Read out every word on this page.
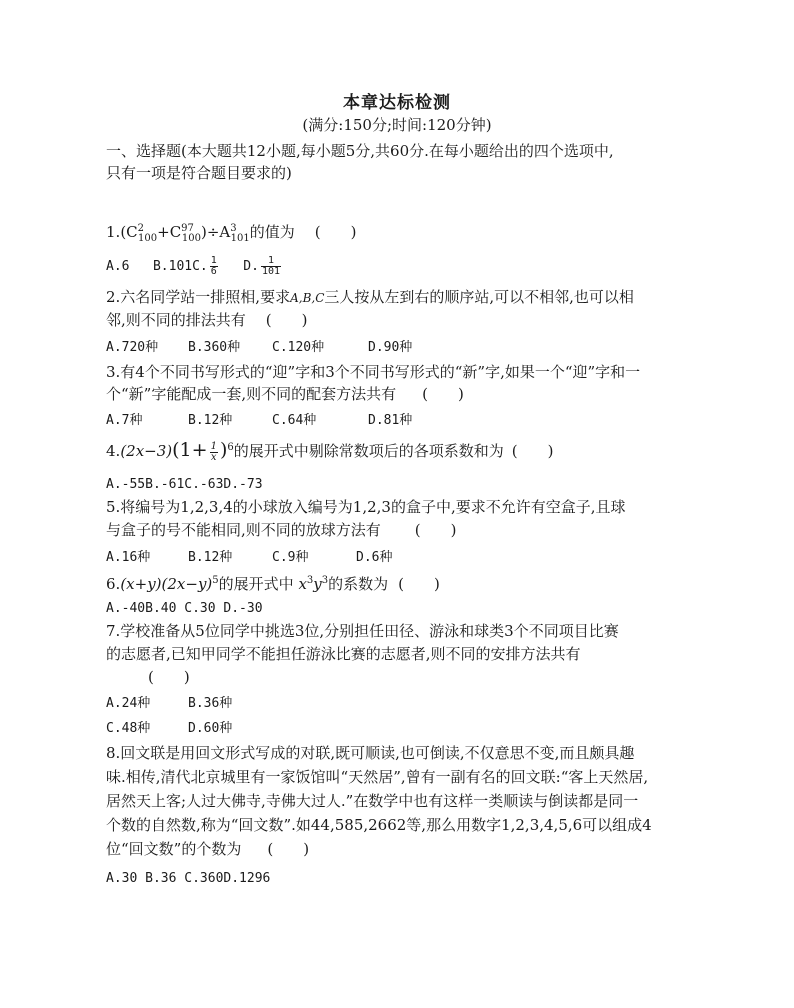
本章达标检测
(满分:150分;时间:120分钟)
一、选择题(本大题共12小题,每小题5分,共60分.在每小题给出的四个选项中,
只有一项是符合题目要求的)
$1.(C^2_{100}+C^{97}_{100})\div A^3_{101}$的值为 (　　)
A.6 B.101C. $\frac{1}{6} D$. $\frac{1}{101}$
2.六名同学站一排照相,要求A,B,C三人按从左到右的顺序站,可以不相邻,也可以相
邻,则不同的排法共有 (　　)
A.720种 B.360种 C.120种	D.90种
3.有4个不同书写形式的“迎”字和3个不同书写形式的“新”字,如果一个“迎”字和一
个“新”字能配成一套,则不同的配套方法共有 (　　)
A.7种	B.12种	C.64种	D.81种
$4.(2x-3)(1+ \frac{1}{x} )^6$的展开式中剔除常数项后的各项系数和为 (　　)
A.-55B.-61C.-63D.-73
5.将编号为1,2,3,4的小球放入编号为1,2,3的盒子中,要求不允许有空盒子,且球
与盒子的号不能相同,则不同的放球方法有 (　　)
A.16种	B.12种	C.9种	D.6种
$6.(x+y)(2x-y)^5$的展开式中 $x^3y^3$的系数为 (　　)
A.-40B.40 C.30 D.-30
7.学校准备从5位同学中挑选3位,分别担任田径、游泳和球类3个不同项目比赛
的志愿者,已知甲同学不能担任游泳比赛的志愿者,则不同的安排方法共有
(　　)
A.24种	B.36种
C.48种	D.60种
8.回文联是用回文形式写成的对联,既可顺读,也可倒读,不仅意思不变,而且颇具趣
味.相传,清代北京城里有一家饭馆叫“天然居”,曾有一副有名的回文联:“客上天然居,
居然天上客;人过大佛寺,寺佛大过人.”在数学中也有这样一类顺读与倒读都是同一
个数的自然数,称为“回文数”.如44,585,2662等,那么用数字1,2,3,4,5,6可以组成4
位“回文数”的个数为 (　　)
A.30 B.36 C.360D.1296
